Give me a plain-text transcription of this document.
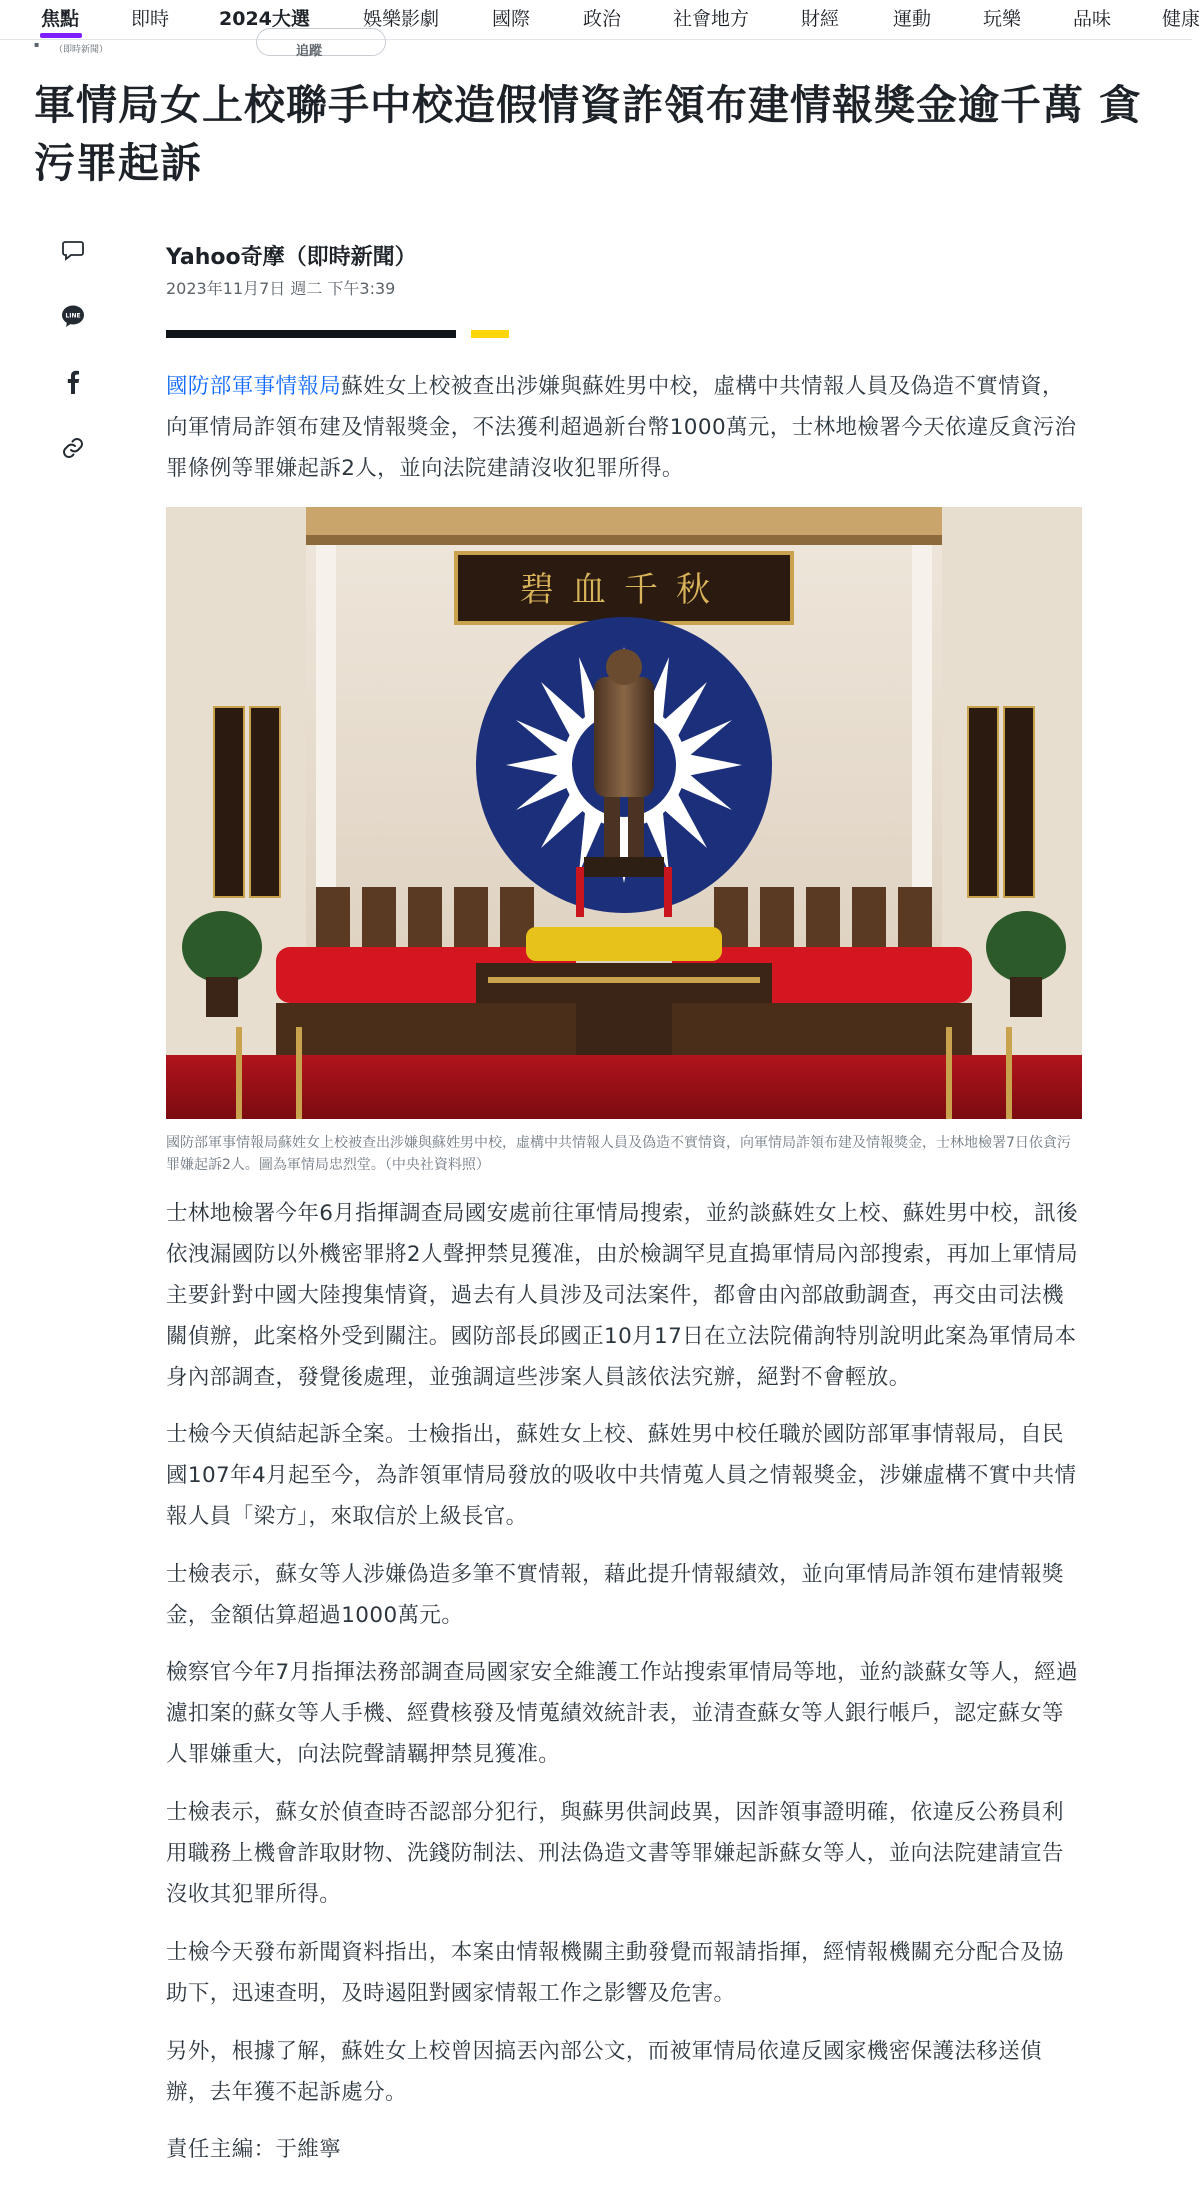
焦點	即時	2024大選	娛樂影劇	國際	政治	社會地方	財經	運動	玩樂	品味	健康
▪
（即時新聞）	追蹤
軍情局女上校聯手中校造假情資詐領布建情報獎金逾千萬 貪污罪起訴
LINE
Yahoo奇摩（即時新聞）
2023年11月7日 週二 下午3:39

國防部軍事情報局蘇姓女上校被查出涉嫌與蘇姓男中校，虛構中共情報人員及偽造不實情資，向軍情局詐領布建及情報獎金，不法獲利超過新台幣1000萬元，士林地檢署今天依違反貪污治罪條例等罪嫌起訴2人，並向法院建請沒收犯罪所得。

碧血千秋
國防部軍事情報局蘇姓女上校被查出涉嫌與蘇姓男中校，虛構中共情報人員及偽造不實情資，向軍情局詐領布建及情報獎金，士林地檢署7日依貪污罪嫌起訴2人。圖為軍情局忠烈堂。（中央社資料照）

士林地檢署今年6月指揮調查局國安處前往軍情局搜索，並約談蘇姓女上校、蘇姓男中校，訊後依洩漏國防以外機密罪將2人聲押禁見獲准，由於檢調罕見直搗軍情局內部搜索，再加上軍情局主要針對中國大陸搜集情資，過去有人員涉及司法案件，都會由內部啟動調查，再交由司法機關偵辦，此案格外受到關注。國防部長邱國正10月17日在立法院備詢特別說明此案為軍情局本身內部調查，發覺後處理，並強調這些涉案人員該依法究辦，絕對不會輕放。

士檢今天偵結起訴全案。士檢指出，蘇姓女上校、蘇姓男中校任職於國防部軍事情報局，自民國107年4月起至今，為詐領軍情局發放的吸收中共情蒐人員之情報獎金，涉嫌虛構不實中共情報人員「梁方」，來取信於上級長官。

士檢表示，蘇女等人涉嫌偽造多筆不實情報，藉此提升情報績效，並向軍情局詐領布建情報獎金，金額估算超過1000萬元。

檢察官今年7月指揮法務部調查局國家安全維護工作站搜索軍情局等地，並約談蘇女等人，經過濾扣案的蘇女等人手機、經費核發及情蒐績效統計表，並清查蘇女等人銀行帳戶，認定蘇女等人罪嫌重大，向法院聲請羈押禁見獲准。

士檢表示，蘇女於偵查時否認部分犯行，與蘇男供詞歧異，因詐領事證明確，依違反公務員利用職務上機會詐取財物、洗錢防制法、刑法偽造文書等罪嫌起訴蘇女等人，並向法院建請宣告沒收其犯罪所得。

士檢今天發布新聞資料指出，本案由情報機關主動發覺而報請指揮，經情報機關充分配合及協助下，迅速查明，及時遏阻對國家情報工作之影響及危害。

另外，根據了解，蘇姓女上校曾因搞丟內部公文，而被軍情局依違反國家機密保護法移送偵辦，去年獲不起訴處分。

責任主編：于維寧
